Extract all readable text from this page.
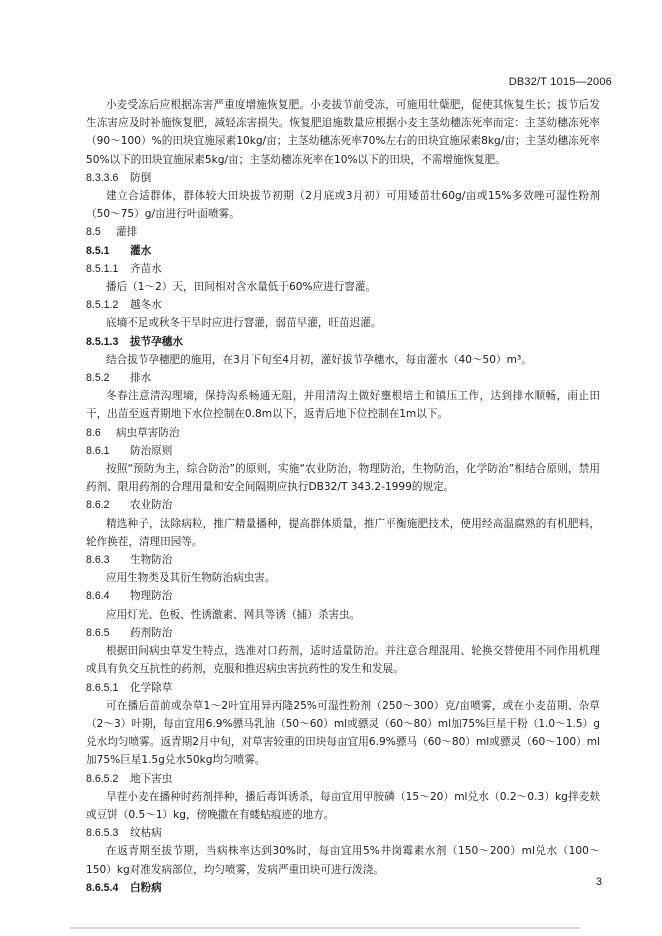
DB32/T 1015—2006

小麦受冻后应根据冻害严重度增施恢复肥。小麦拔节前受冻，可施用壮蘖肥，促使其恢复生长；拔节后发生冻害应及时补施恢复肥，减轻冻害损失。恢复肥追施数量应根据小麦主茎幼穗冻死率而定：主茎幼穗冻死率（90～100）%的田块宜施尿素10kg/亩；主茎幼穗冻死率70%左右的田块宜施尿素8kg/亩；主茎幼穗冻死率50%以下的田块宜施尿素5kg/亩；主茎幼穗冻死率在10%以下的田块，不需增施恢复肥。

8.3.3.6 防倒

建立合适群体，群体较大田块拔节初期（2月底或3月初）可用矮苗壮60g/亩或15%多效唑可湿性粉剂（50～75）g/亩进行叶面喷雾。

8.5 灌排
8.5.1 灌水
8.5.1.1 齐苗水

播后（1～2）天，田间相对含水量低于60%应进行窨灌。

8.5.1.2 越冬水

底墒不足或秋冬干旱时应进行窨灌，弱苗早灌，旺苗迟灌。

8.5.1.3 拔节孕穗水

结合拔节孕穗肥的施用，在3月下旬至4月初，灌好拔节孕穗水，每亩灌水（40～50）m³。

8.5.2 排水

冬春注意清沟理墒，保持沟系畅通无阻，并用清沟土做好壅根培土和镇压工作，达到排水顺畅，雨止田干，出苗至返青期地下水位控制在0.8m以下，返青后地下位控制在1m以下。

8.6 病虫草害防治
8.6.1 防治原则

按照“预防为主，综合防治”的原则，实施“农业防治，物理防治，生物防治，化学防治”相结合原则，禁用药剂、限用药剂的合理用量和安全间隔期应执行DB32/T 343.2-1999的规定。

8.6.2 农业防治

精选种子，汰除病粒，推广精量播种，提高群体质量，推广平衡施肥技术，使用经高温腐熟的有机肥料，轮作换茬，清理田园等。

8.6.3 生物防治

应用生物类及其衍生物防治病虫害。

8.6.4 物理防治

应用灯光、色板、性诱激素、网具等诱（捕）杀害虫。

8.6.5 药剂防治

根据田间病虫草发生特点，选准对口药剂，适时适量防治。并注意合理混用、轮换交替使用不同作用机理或具有负交互抗性的药剂，克服和推迟病虫害抗药性的发生和发展。

8.6.5.1 化学除草

可在播后苗前或杂草1～2叶宜用异丙隆25%可湿性粉剂（250～300）克/亩喷雾，或在小麦苗期、杂草（2～3）叶期，每亩宜用6.9%骠马乳油（50～60）ml或骠灵（60～80）ml加75%巨星干粉（1.0～1.5）g兑水均匀喷雾。返青期2月中旬，对草害较重的田块每亩宜用6.9%骠马（60～80）ml或骠灵（60～100）ml加75%巨星1.5g兑水50kg均匀喷雾。

8.6.5.2 地下害虫

旱茬小麦在播种时药剂拌种，播后毒饵诱杀，每亩宜用甲胺磷（15～20）ml兑水（0.2～0.3）kg拌麦麸或豆饼（0.5～1）kg，傍晚撒在有蝼蛄痕迹的地方。

8.6.5.3 纹枯病

在返青期至拔节期，当病株率达到30%时，每亩宜用5%井岗霉素水剂（150～200）ml兑水（100～150）kg对准发病部位，均匀喷雾，发病严重田块可进行泼浇。

8.6.5.4 白粉病	3
